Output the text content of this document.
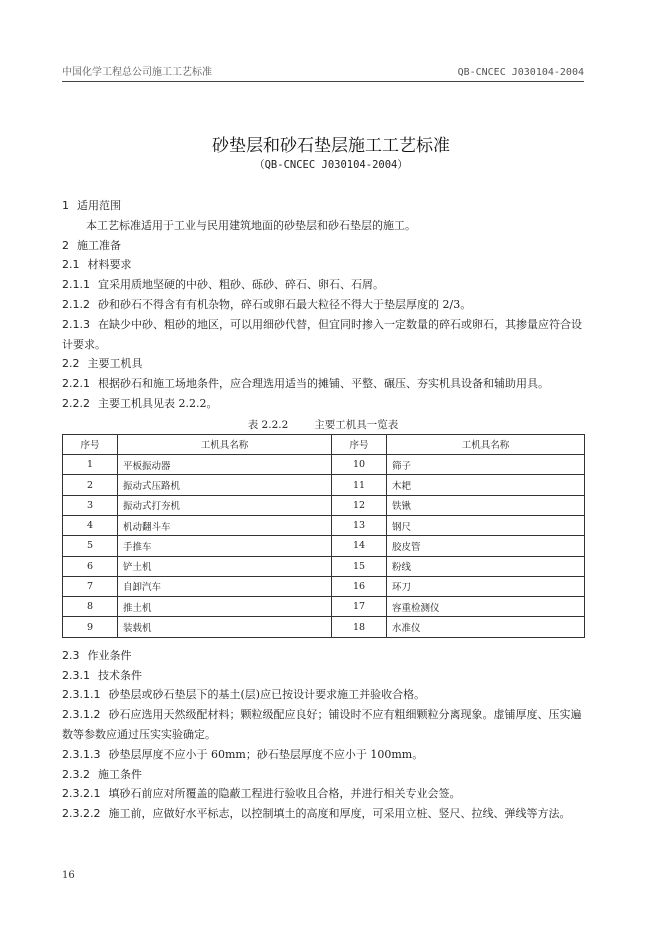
中国化学工程总公司施工工艺标准	QB-CNCEC J030104-2004
砂垫层和砂石垫层施工工艺标准
（QB-CNCEC J030104-2004）
1 适用范围
本工艺标准适用于工业与民用建筑地面的砂垫层和砂石垫层的施工。
2 施工准备
2.1 材料要求
2.1.1 宜采用质地坚硬的中砂、粗砂、砾砂、碎石、卵石、石屑。
2.1.2 砂和砂石不得含有有机杂物，碎石或卵石最大粒径不得大于垫层厚度的 2/3。
2.1.3 在缺少中砂、粗砂的地区，可以用细砂代替，但宜同时掺入一定数量的碎石或卵石，其掺量应符合设计要求。
2.2 主要工机具
2.2.1 根据砂石和施工场地条件，应合理选用适当的摊铺、平整、碾压、夯实机具设备和辅助用具。
2.2.2 主要工机具见表 2.2.2。
表 2.2.2 主要工机具一览表
序号	工机具名称	序号	工机具名称
1	平板振动器	10	筛子
2	振动式压路机	11	木耙
3	振动式打夯机	12	铁锹
4	机动翻斗车	13	钢尺
5	手推车	14	胶皮管
6	铲土机	15	粉线
7	自卸汽车	16	环刀
8	推土机	17	容重检测仪
9	装载机	18	水准仪
2.3 作业条件
2.3.1 技术条件
2.3.1.1 砂垫层或砂石垫层下的基土(层)应已按设计要求施工并验收合格。
2.3.1.2 砂石应选用天然级配材料；颗粒级配应良好；铺设时不应有粗细颗粒分离现象。虚铺厚度、压实遍数等参数应通过压实实验确定。
2.3.1.3 砂垫层厚度不应小于 60mm；砂石垫层厚度不应小于 100mm。
2.3.2 施工条件
2.3.2.1 填砂石前应对所覆盖的隐蔽工程进行验收且合格，并进行相关专业会签。
2.3.2.2 施工前，应做好水平标志，以控制填土的高度和厚度，可采用立桩、竖尺、拉线、弹线等方法。
16
